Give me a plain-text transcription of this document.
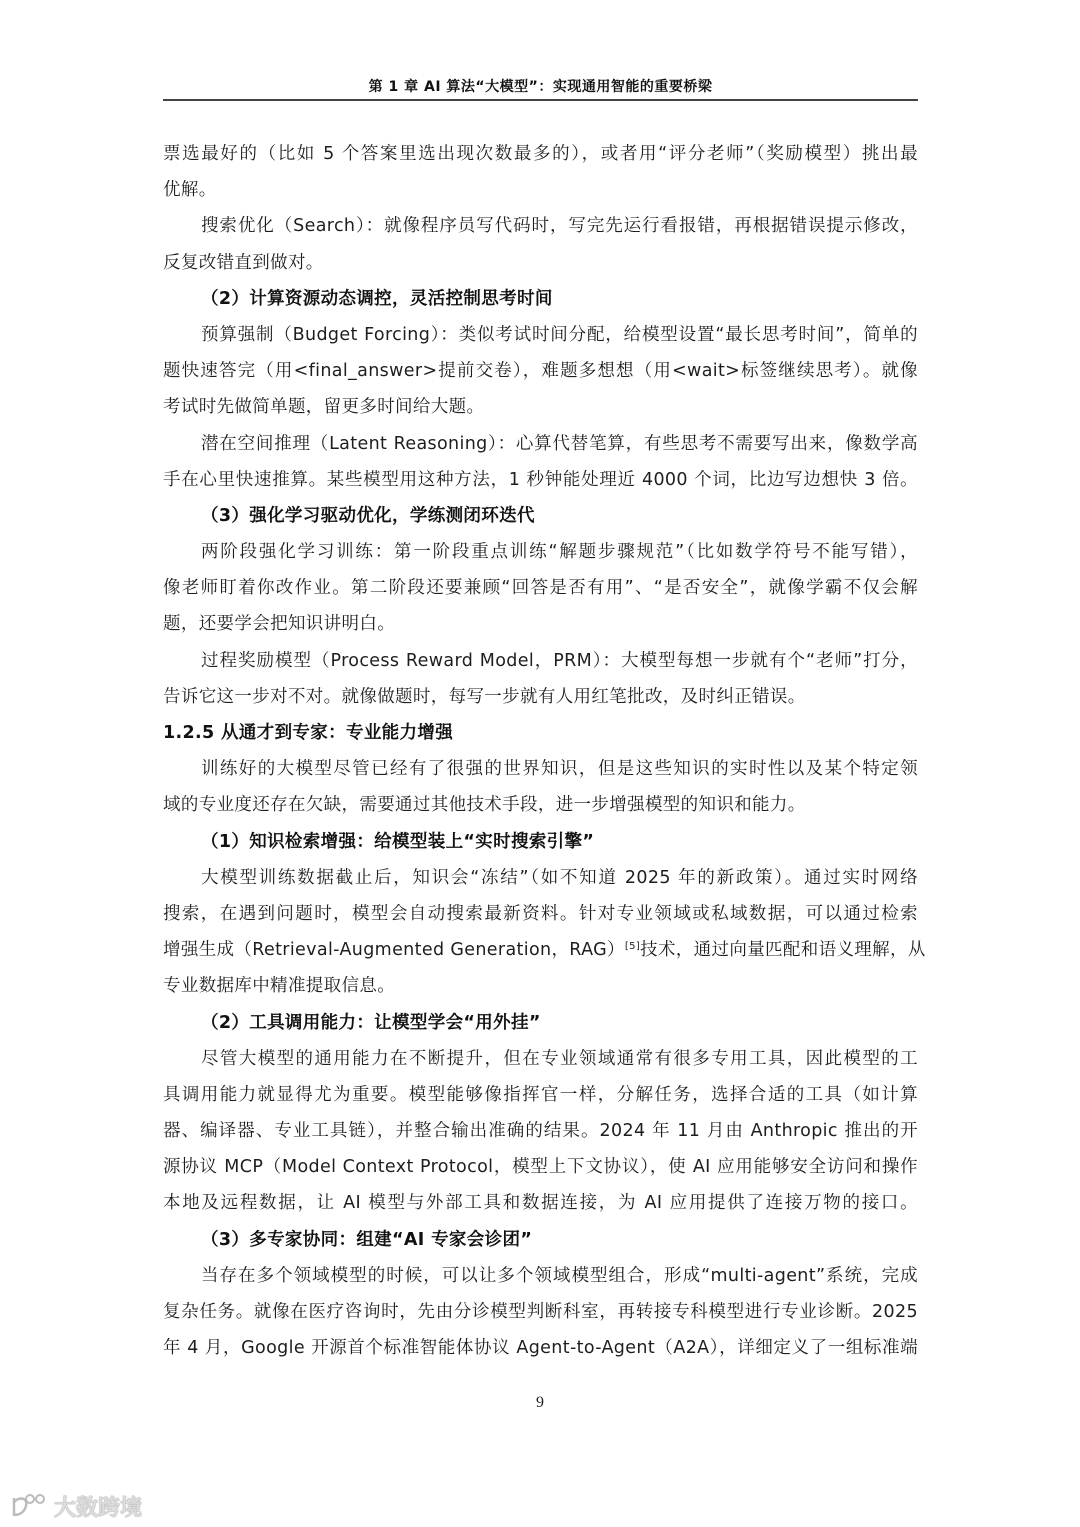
第 1 章 AI 算法“大模型”：实现通用智能的重要桥梁
票选最好的（比如 5 个答案里选出现次数最多的），或者用“评分老师”（奖励模型）挑出最
优解。
搜索优化（Search）：就像程序员写代码时，写完先运行看报错，再根据错误提示修改，
反复改错直到做对。
（2）计算资源动态调控，灵活控制思考时间
预算强制（Budget Forcing）：类似考试时间分配，给模型设置“最长思考时间”，简单的
题快速答完（用<final_answer>提前交卷），难题多想想（用<wait>标签继续思考）。就像
考试时先做简单题，留更多时间给大题。
潜在空间推理（Latent Reasoning）：心算代替笔算，有些思考不需要写出来，像数学高
手在心里快速推算。某些模型用这种方法，1 秒钟能处理近 4000 个词，比边写边想快 3 倍。
（3）强化学习驱动优化，学练测闭环迭代
两阶段强化学习训练：第一阶段重点训练“解题步骤规范”（比如数学符号不能写错），
像老师盯着你改作业。第二阶段还要兼顾“回答是否有用”、“是否安全”，就像学霸不仅会解
题，还要学会把知识讲明白。
过程奖励模型（Process Reward Model，PRM）：大模型每想一步就有个“老师”打分，
告诉它这一步对不对。就像做题时，每写一步就有人用红笔批改，及时纠正错误。
1.2.5 从通才到专家：专业能力增强
训练好的大模型尽管已经有了很强的世界知识，但是这些知识的实时性以及某个特定领
域的专业度还存在欠缺，需要通过其他技术手段，进一步增强模型的知识和能力。
（1）知识检索增强：给模型装上“实时搜索引擎”
大模型训练数据截止后，知识会“冻结”（如不知道 2025 年的新政策）。通过实时网络
搜索，在遇到问题时，模型会自动搜索最新资料。针对专业领域或私域数据，可以通过检索
增强生成（Retrieval-Augmented Generation，RAG）[5]技术，通过向量匹配和语义理解，从
专业数据库中精准提取信息。
（2）工具调用能力：让模型学会“用外挂”
尽管大模型的通用能力在不断提升，但在专业领域通常有很多专用工具，因此模型的工
具调用能力就显得尤为重要。模型能够像指挥官一样，分解任务，选择合适的工具（如计算
器、编译器、专业工具链），并整合输出准确的结果。2024 年 11 月由 Anthropic 推出的开
源协议 MCP（Model Context Protocol，模型上下文协议），使 AI 应用能够安全访问和操作
本地及远程数据，让 AI 模型与外部工具和数据连接，为 AI 应用提供了连接万物的接口。
（3）多专家协同：组建“AI 专家会诊团”
当存在多个领域模型的时候，可以让多个领域模型组合，形成“multi-agent”系统，完成
复杂任务。就像在医疗咨询时，先由分诊模型判断科室，再转接专科模型进行专业诊断。2025
年 4 月，Google 开源首个标准智能体协议 Agent-to-Agent（A2A），详细定义了一组标准端
9
大数跨境
